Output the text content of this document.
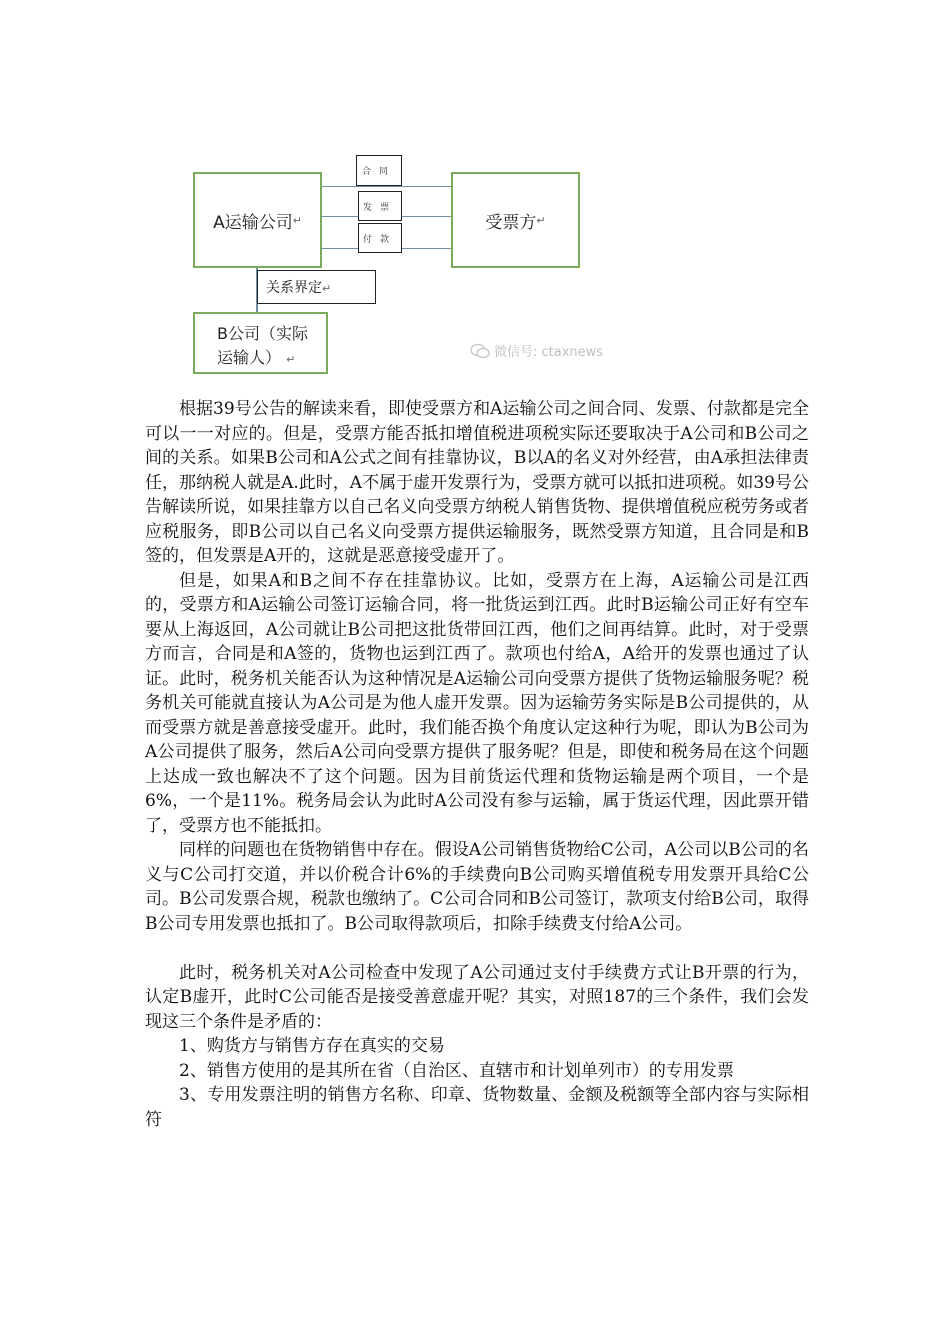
A运输公司 ↵	受票方 ↵
B公司（实际
运输人） ↵
合同
发票
付款
关系界定↵
微信号: ctaxnews

根据39号公告的解读来看，即使受票方和A运输公司之间合同、发票、付款都是完全可以一一对应的。但是，受票方能否抵扣增值税进项税实际还要取决于A公司和B公司之间的关系。如果B公司和A公式之间有挂靠协议，B以A的名义对外经营，由A承担法律责任，那纳税人就是A.此时，A不属于虚开发票行为，受票方就可以抵扣进项税。如39号公告解读所说，如果挂靠方以自己名义向受票方纳税人销售货物、提供增值税应税劳务或者应税服务，即B公司以自己名义向受票方提供运输服务，既然受票方知道，且合同是和B签的，但发票是A开的，这就是恶意接受虚开了。

但是，如果A和B之间不存在挂靠协议。比如，受票方在上海，A运输公司是江西的，受票方和A运输公司签订运输合同，将一批货运到江西。此时B运输公司正好有空车要从上海返回，A公司就让B公司把这批货带回江西，他们之间再结算。此时，对于受票方而言，合同是和A签的，货物也运到江西了。款项也付给A，A给开的发票也通过了认证。此时，税务机关能否认为这种情况是A运输公司向受票方提供了货物运输服务呢？税务机关可能就直接认为A公司是为他人虚开发票。因为运输劳务实际是B公司提供的，从而受票方就是善意接受虚开。此时，我们能否换个角度认定这种行为呢，即认为B公司为A公司提供了服务，然后A公司向受票方提供了服务呢？但是，即使和税务局在这个问题上达成一致也解决不了这个问题。因为目前货运代理和货物运输是两个项目，一个是6%，一个是11%。税务局会认为此时A公司没有参与运输，属于货运代理，因此票开错了，受票方也不能抵扣。

同样的问题也在货物销售中存在。假设A公司销售货物给C公司，A公司以B公司的名义与C公司打交道，并以价税合计6%的手续费向B公司购买增值税专用发票开具给C公司。B公司发票合规，税款也缴纳了。C公司合同和B公司签订，款项支付给B公司，取得B公司专用发票也抵扣了。B公司取得款项后，扣除手续费支付给A公司。

此时，税务机关对A公司检查中发现了A公司通过支付手续费方式让B开票的行为，认定B虚开，此时C公司能否是接受善意虚开呢？其实，对照187的三个条件，我们会发现这三个条件是矛盾的：

1、购货方与销售方存在真实的交易

2、销售方使用的是其所在省（自治区、直辖市和计划单列市）的专用发票

3、专用发票注明的销售方名称、印章、货物数量、金额及税额等全部内容与实际相符
